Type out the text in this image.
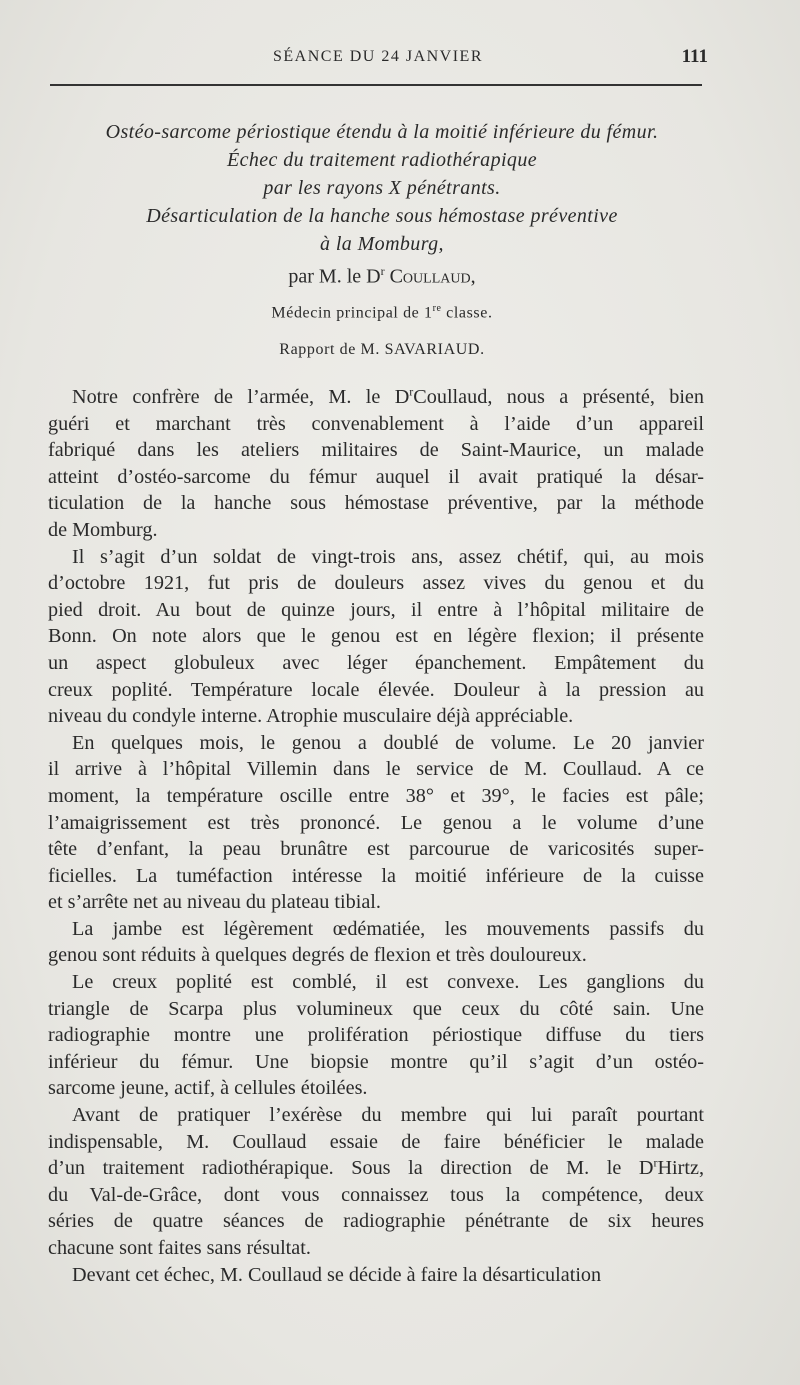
SÉANCE DU 24 JANVIER	111
Ostéo-sarcome périostique étendu à la moitié inférieure du fémur.
Échec du traitement radiothérapique
par les rayons X pénétrants.
Désarticulation de la hanche sous hémostase préventive
à la Momburg,
par M. le $D^r$ Coullaud,
Médecin principal de 1re classe.
Rapport de M. SAVARIAUD.
Notre confrère de l’armée, M. le $D^rCoullaud$, nous a présenté, bien
guéri et marchant très convenablement à l’aide d’un appareil
fabriqué dans les ateliers militaires de Saint-Maurice, un malade
atteint d’ostéo-sarcome du fémur auquel il avait pratiqué la désar-
ticulation de la hanche sous hémostase préventive, par la méthode
de Momburg.
Il s’agit d’un soldat de vingt-trois ans, assez chétif, qui, au mois
d’octobre 1921, fut pris de douleurs assez vives du genou et du
pied droit. Au bout de quinze jours, il entre à l’hôpital militaire de
Bonn. On note alors que le genou est en légère flexion; il présente
un aspect globuleux avec léger épanchement. Empâtement du
creux poplité. Température locale élevée. Douleur à la pression au
niveau du condyle interne. Atrophie musculaire déjà appréciable.
En quelques mois, le genou a doublé de volume. Le 20 janvier
il arrive à l’hôpital Villemin dans le service de M. Coullaud. A ce
moment, la température oscille entre 38° et 39°, le facies est pâle;
l’amaigrissement est très prononcé. Le genou a le volume d’une
tête d’enfant, la peau brunâtre est parcourue de varicosités super-
ficielles. La tuméfaction intéresse la moitié inférieure de la cuisse
et s’arrête net au niveau du plateau tibial.
La jambe est légèrement œdématiée, les mouvements passifs du
genou sont réduits à quelques degrés de flexion et très douloureux.
Le creux poplité est comblé, il est convexe. Les ganglions du
triangle de Scarpa plus volumineux que ceux du côté sain. Une
radiographie montre une prolifération périostique diffuse du tiers
inférieur du fémur. Une biopsie montre qu’il s’agit d’un ostéo-
sarcome jeune, actif, à cellules étoilées.
Avant de pratiquer l’exérèse du membre qui lui paraît pourtant
indispensable, M. Coullaud essaie de faire bénéficier le malade
d’un traitement radiothérapique. Sous la direction de M. le $D^rHirtz$,
du Val-de-Grâce, dont vous connaissez tous la compétence, deux
séries de quatre séances de radiographie pénétrante de six heures
chacune sont faites sans résultat.
Devant cet échec, M. Coullaud se décide à faire la désarticulation
